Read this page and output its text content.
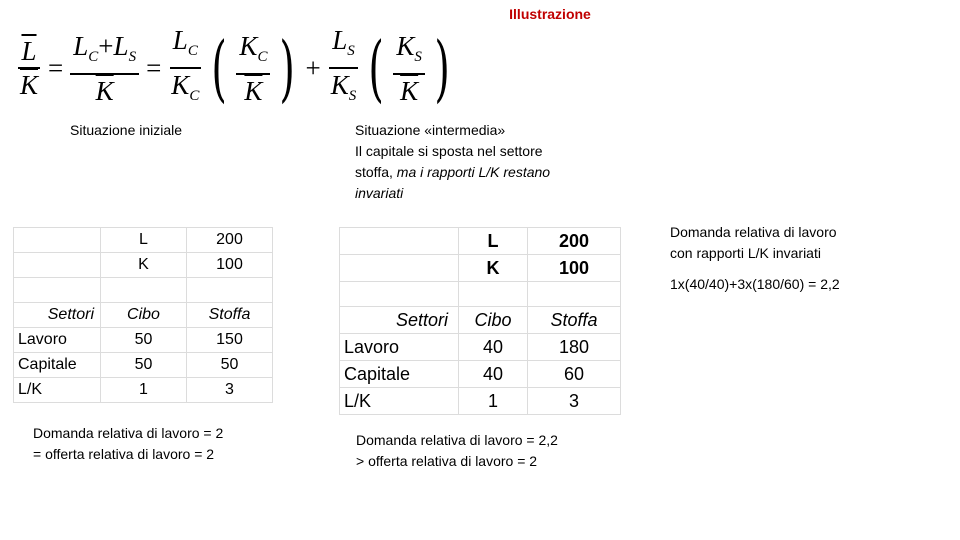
Illustrazione
$\frac{\overline{L}}{K} = \frac{L_C+L_S}{K} = \frac{L_C}{K_C}$ ( $\frac{K_C}{K}$ ) + $\frac{L_S}{K_S}$ ( $\frac{K_S}{K}$ )
Situazione iniziale
	L	200
	K	100

Settori	Cibo	Stoffa
Lavoro	50	150
Capitale	50	50
L/K	1	3
Domanda relativa di lavoro = 2
= offerta relativa di lavoro = 2
Situazione «intermedia»
Il capitale si sposta nel settore
stoffa, ma i rapporti L/K restano
invariati
	L	200
	K	100

Settori	Cibo	Stoffa
Lavoro	40	180
Capitale	40	60
L/K	1	3
Domanda relativa di lavoro = 2,2
> offerta relativa di lavoro = 2
Domanda relativa di lavoro
con rapporti L/K invariati
1x(40/40)+3x(180/60) = 2,2
